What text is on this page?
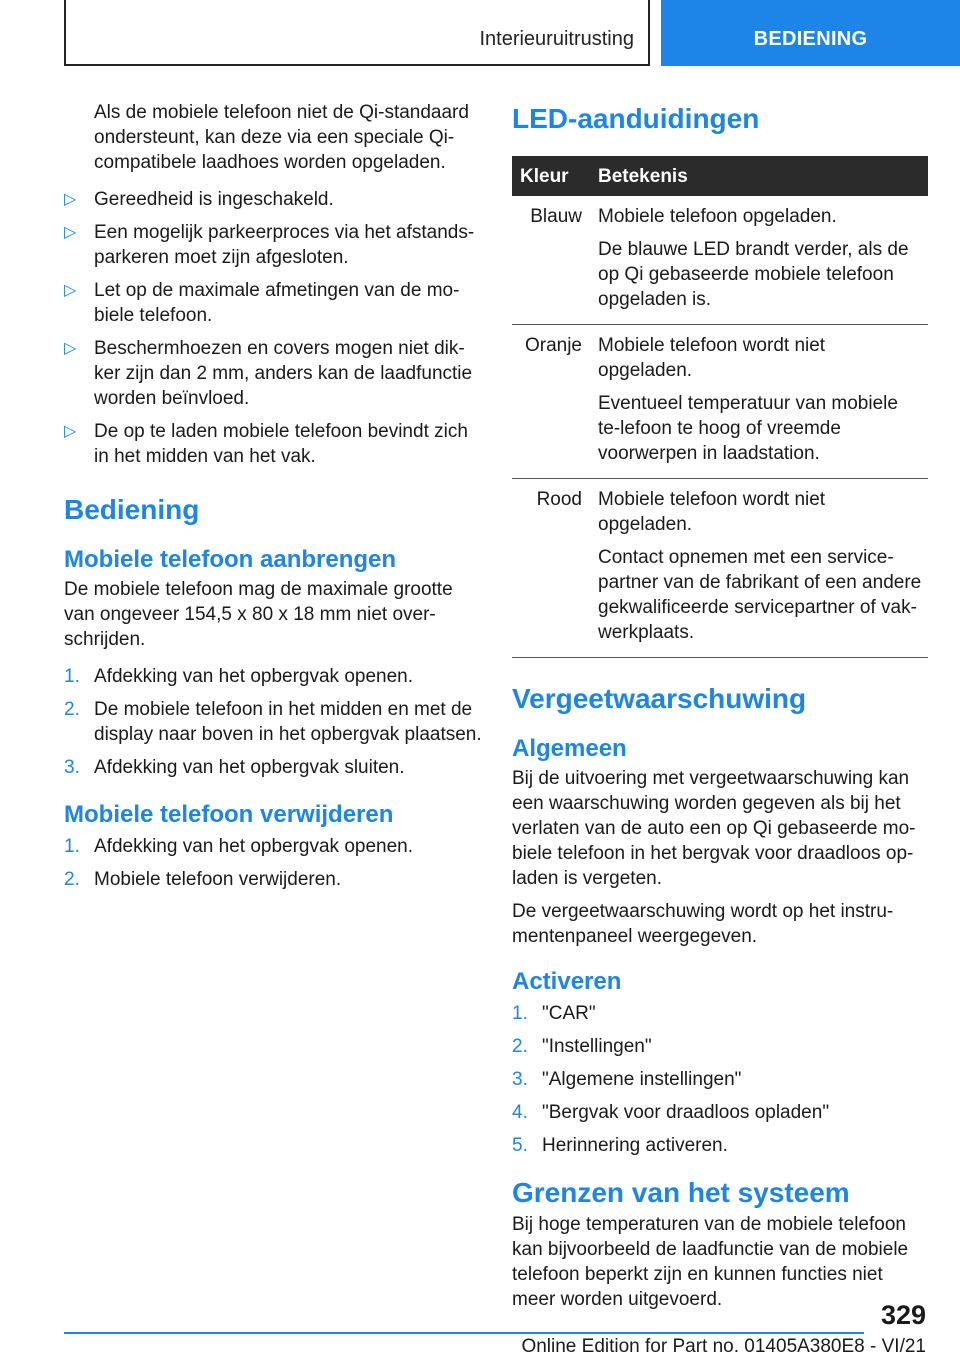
Interieuruitrusting	BEDIENING

Als de mobiele telefoon niet de Qi-standaard ondersteunt, kan deze via een speciale Qi-compatibele laadhoes worden opgeladen.

▷ Gereedheid is ingeschakeld.
▷ Een mogelijk parkeerproces via het afstands-parkeren moet zijn afgesloten.
▷ Let op de maximale afmetingen van de mo-biele telefoon.
▷ Beschermhoezen en covers mogen niet dik-ker zijn dan 2 mm, anders kan de laadfunctie worden beïnvloed.
▷ De op te laden mobiele telefoon bevindt zich in het midden van het vak.
Bediening
Mobiele telefoon aanbrengen

De mobiele telefoon mag de maximale grootte van ongeveer 154,5 x 80 x 18 mm niet over-schrijden.

1. Afdekking van het opbergvak openen.
2. De mobiele telefoon in het midden en met de display naar boven in het opbergvak plaatsen.
3. Afdekking van het opbergvak sluiten.
Mobiele telefoon verwijderen
1. Afdekking van het opbergvak openen.
2. Mobiele telefoon verwijderen.
LED-aanduidingen
Kleur	Betekenis
Blauw	Mobiele telefoon opgeladen.

De blauwe LED brandt verder, als de op Qi gebaseerde mobiele telefoon opgeladen is.

Oranje	Mobiele telefoon wordt niet opgeladen.

Eventueel temperatuur van mobiele te-lefoon te hoog of vreemde voorwerpen in laadstation.

Rood	Mobiele telefoon wordt niet opgeladen.

Contact opnemen met een service-partner van de fabrikant of een andere gekwalificeerde servicepartner of vak-werkplaats.

Vergeetwaarschuwing
Algemeen

Bij de uitvoering met vergeetwaarschuwing kan een waarschuwing worden gegeven als bij het verlaten van de auto een op Qi gebaseerde mo-biele telefoon in het bergvak voor draadloos op-laden is vergeten.

De vergeetwaarschuwing wordt op het instru-mentenpaneel weergegeven.

Activeren
1. "CAR"
2. "Instellingen"
3. "Algemene instellingen"
4. "Bergvak voor draadloos opladen"
5. Herinnering activeren.
Grenzen van het systeem

Bij hoge temperaturen van de mobiele telefoon kan bijvoorbeeld de laadfunctie van de mobiele telefoon beperkt zijn en kunnen functies niet meer worden uitgevoerd.

329
Online Edition for Part no. 01405A380E8 - VI/21
